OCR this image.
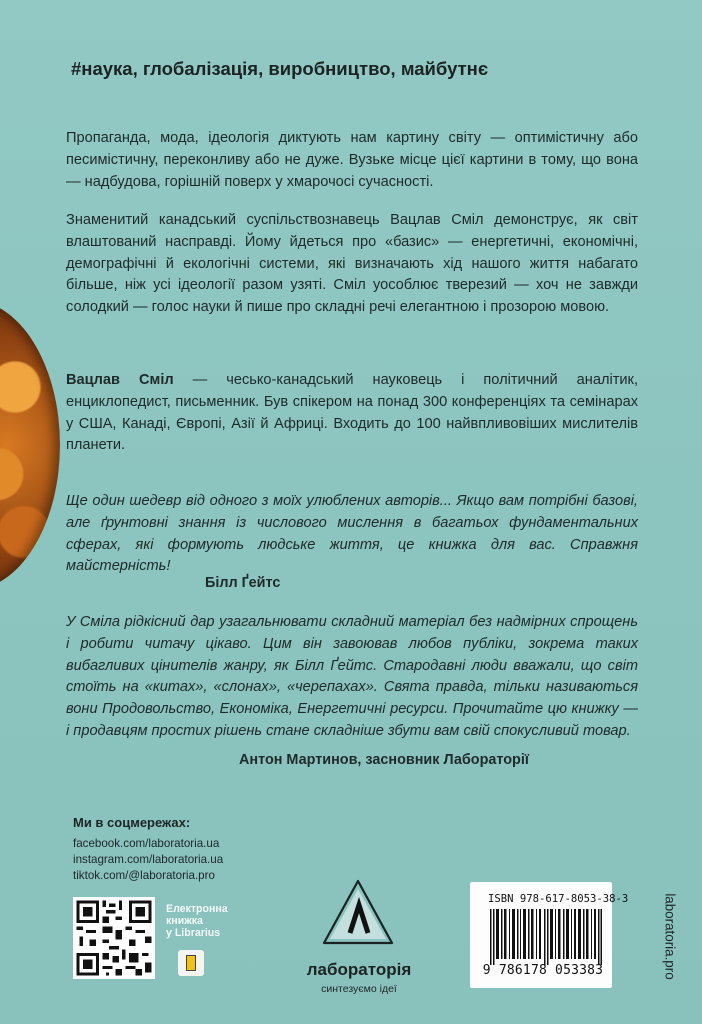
#наука, глобалізація, виробництво, майбутнє

Пропаганда, мода, ідеологія диктують нам картину світу — оптимістичну або песимістичну, переконливу або не дуже. Вузьке місце цієї картини в тому, що вона — надбудова, горішній поверх у хмарочосі сучасності.

Знаменитий канадський суспільствознавець Вацлав Сміл демонструє, як світ влаштований насправді. Йому йдеться про «базис» — енергетичні, економічні, демографічні й екологічні системи, які визначають хід нашого життя набагато більше, ніж усі ідеології разом узяті. Сміл уособлює тверезий — хоч не завжди солодкий — голос науки й пише про складні речі елегантною і прозорою мовою.

Вацлав Сміл — чесько-канадський науковець і політичний аналітик, енциклопедист, письменник. Був спікером на понад 300 конференціях та семінарах у США, Канаді, Європі, Азії й Африці. Входить до 100 найвпливовіших мислителів планети.

Ще один шедевр від одного з моїх улюблених авторів... Якщо вам потрібні базові, але ґрунтовні знання із числового мислення в багатьох фундаментальних сферах, які формують людське життя, це книжка для вас. Справжня майстерність!

Білл Ґейтс

У Сміла рідкісний дар узагальнювати складний матеріал без надмірних спрощень і робити читачу цікаво. Цим він завоював любов публіки, зокрема таких вибагливих цінителів жанру, як Білл Ґейтс. Стародавні люди вважали, що світ стоїть на «китах», «слонах», «черепахах». Свята правда, тільки називаються вони Продовольство, Економіка, Енергетичні ресурси. Прочитайте цю книжку — і продавцям простих рішень стане складніше збути вам свій спокусливий товар.

Антон Мартинов, засновник Лабораторії
Ми в соцмережах:
facebook.com/laboratoria.ua
instagram.com/laboratoria.ua
tiktok.com/@laboratoria.pro
Електронна
книжка
у Librarius
лабораторія
синтезуємо ідеї
ISBN 978-617-8053-38-3
9 786178 053383	laboratoria.pro
